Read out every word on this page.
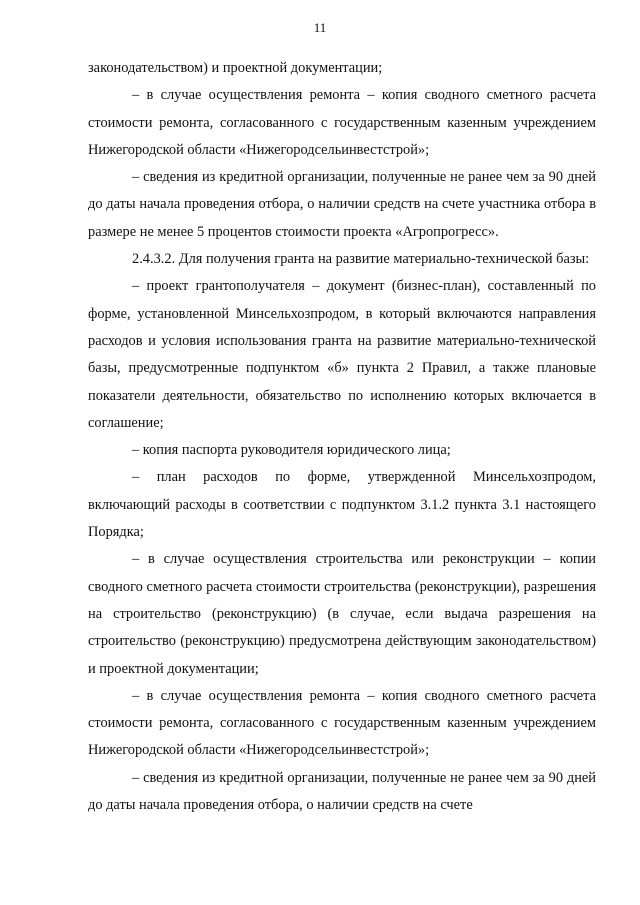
11

законодательством) и проектной документации;

– в случае осуществления ремонта – копия сводного сметного расчета стоимости ремонта, согласованного с государственным казенным учреждением Нижегородской области «Нижегородсельинвестстрой»;

– сведения из кредитной организации, полученные не ранее чем за 90 дней до даты начала проведения отбора, о наличии средств на счете участника отбора в размере не менее 5 процентов стоимости проекта «Агропрогресс».

2.4.3.2. Для получения гранта на развитие материально-технической базы:

– проект грантополучателя – документ (бизнес-план), составленный по форме, установленной Минсельхозпродом, в который включаются направления расходов и условия использования гранта на развитие материально-технической базы, предусмотренные подпунктом «б» пункта 2 Правил, а также плановые показатели деятельности, обязательство по исполнению которых включается в соглашение;

– копия паспорта руководителя юридического лица;

– план расходов по форме, утвержденной Минсельхозпродом, включающий расходы в соответствии с подпунктом 3.1.2 пункта 3.1 настоящего Порядка;

– в случае осуществления строительства или реконструкции – копии сводного сметного расчета стоимости строительства (реконструкции), разрешения на строительство (реконструкцию) (в случае, если выдача разрешения на строительство (реконструкцию) предусмотрена действующим законодательством) и проектной документации;

– в случае осуществления ремонта – копия сводного сметного расчета стоимости ремонта, согласованного с государственным казенным учреждением Нижегородской области «Нижегородсельинвестстрой»;

– сведения из кредитной организации, полученные не ранее чем за 90 дней до даты начала проведения отбора, о наличии средств на счете
